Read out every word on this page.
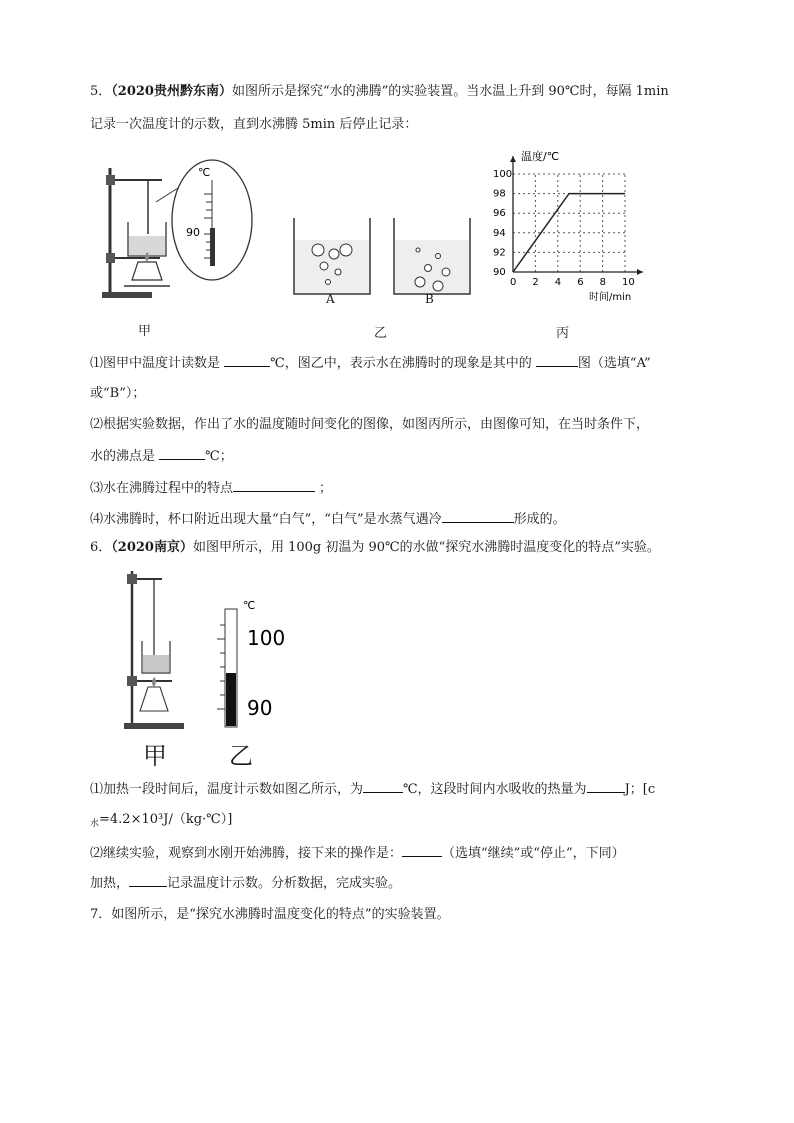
5．（2020贵州黔东南）如图所示是探究“水的沸腾”的实验装置。当水温上升到 90℃时，每隔 1min
记录一次温度计的示数，直到水沸腾 5min 后停止记录：
℃
90
甲
A	B
乙
0 2 4 6 8 10
90
92
94
96
98
100
温度/℃
时间/min
丙
⑴图甲中温度计读数是	℃，图乙中，表示水在沸腾时的现象是其中的	图（选填“A”
或“B”）；
⑵根据实验数据，作出了水的温度随时间变化的图像，如图丙所示，由图像可知，在当时条件下，
水的沸点是	℃；
⑶水在沸腾过程中的特点	；
⑷水沸腾时，杯口附近出现大量“白气”，“白气”是水蒸气遇冷	形成的。
6．（2020南京）如图甲所示，用 100g 初温为 90℃的水做“探究水沸腾时温度变化的特点”实验。
甲
℃
100
90
乙
⑴加热一段时间后，温度计示数如图乙所示，为	℃，这段时间内水吸收的热量为	J；[c
$_水$=4.2×10³J/（kg·℃）]
⑵继续实验，观察到水刚开始沸腾，接下来的操作是：	（选填“继续”或“停止”，下同）
加热，	记录温度计示数。分析数据，完成实验。
7．如图所示，是“探究水沸腾时温度变化的特点”的实验装置。
